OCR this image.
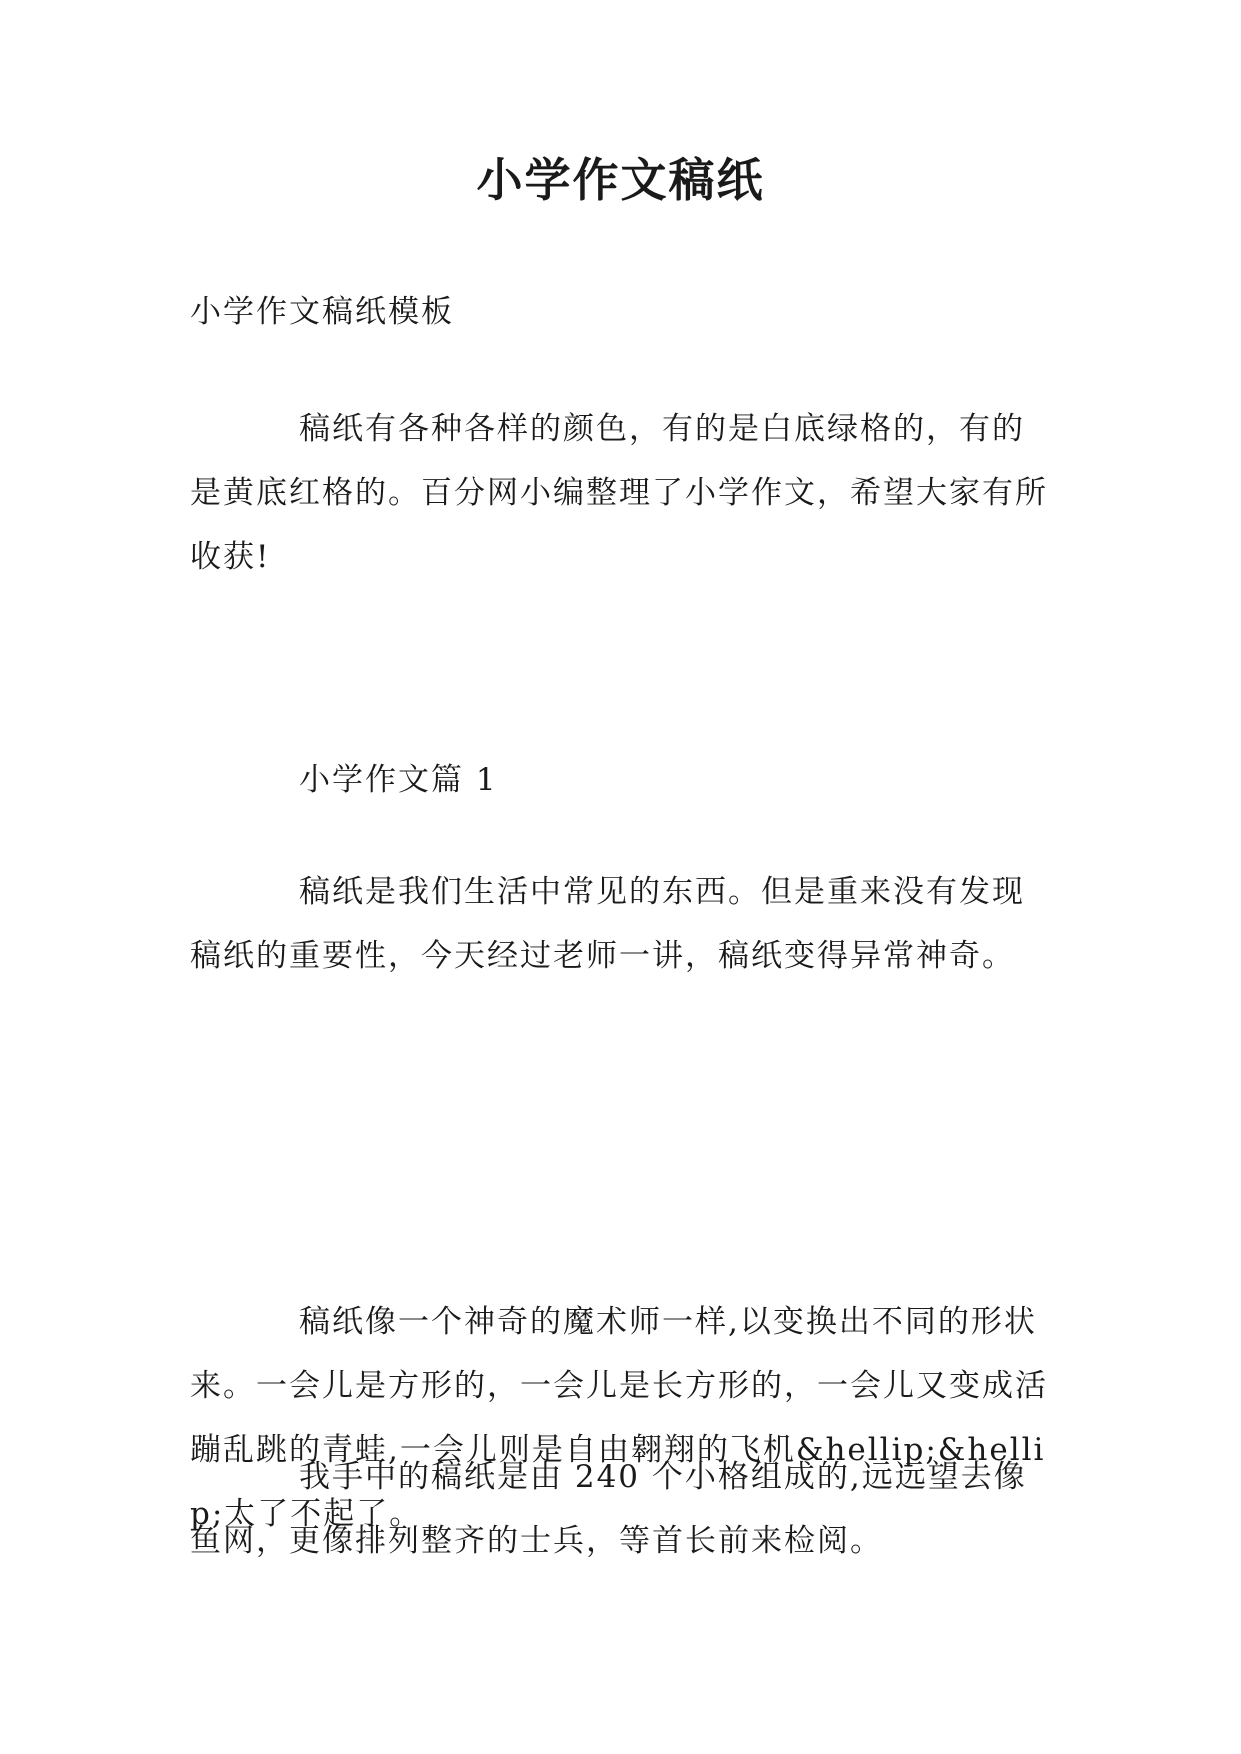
小学作文稿纸

小学作文稿纸模板

稿纸有各种各样的颜色，有的是白底绿格的，有的是黄底红格的。百分网小编整理了小学作文，希望大家有所收获!

小学作文篇 1

稿纸是我们生活中常见的东西。但是重来没有发现稿纸的重要性，今天经过老师一讲，稿纸变得异常神奇。

稿纸像一个神奇的魔术师一样,以变换出不同的形状来。一会儿是方形的，一会儿是长方形的，一会儿又变成活蹦乱跳的青蛙,一会儿则是自由翱翔的飞机&hellip;&hellip;太了不起了。

我手中的稿纸是由 240 个小格组成的,远远望去像鱼网，更像排列整齐的士兵，等首长前来检阅。
